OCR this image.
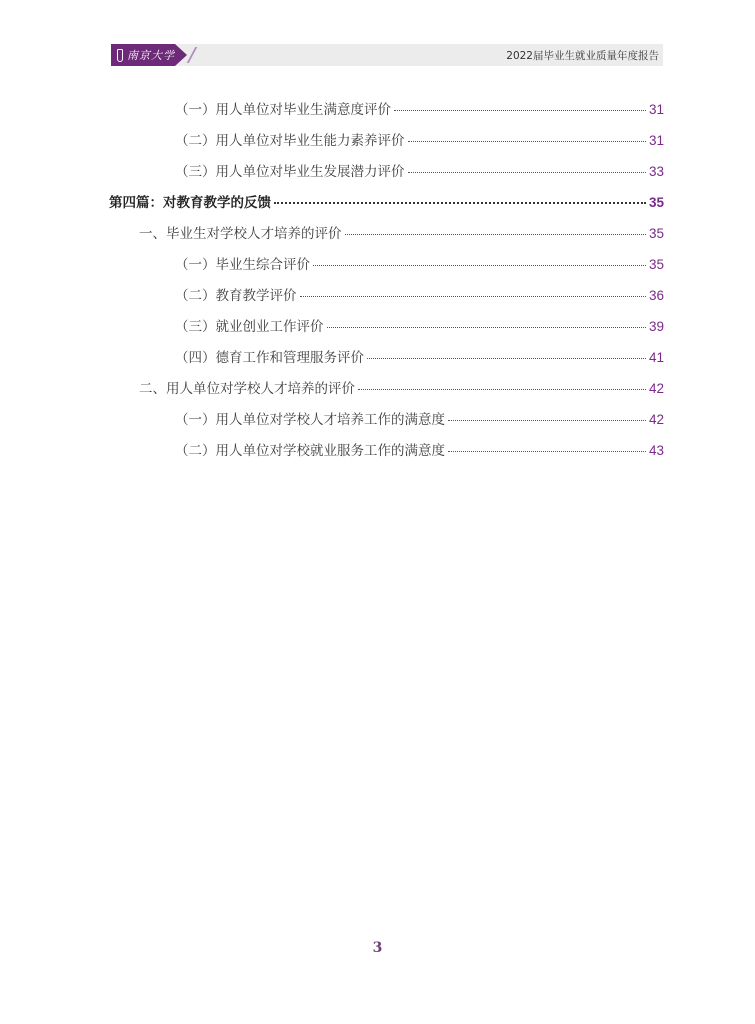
南京大学	2022届毕业生就业质量年度报告
（一）用人单位对毕业生满意度评价	31
（二）用人单位对毕业生能力素养评价	31
（三）用人单位对毕业生发展潜力评价	33
第四篇：对教育教学的反馈	35
一、毕业生对学校人才培养的评价	35
（一）毕业生综合评价	35
（二）教育教学评价	36
（三）就业创业工作评价	39
（四）德育工作和管理服务评价	41
二、用人单位对学校人才培养的评价	42
（一）用人单位对学校人才培养工作的满意度	42
（二）用人单位对学校就业服务工作的满意度	43
3
